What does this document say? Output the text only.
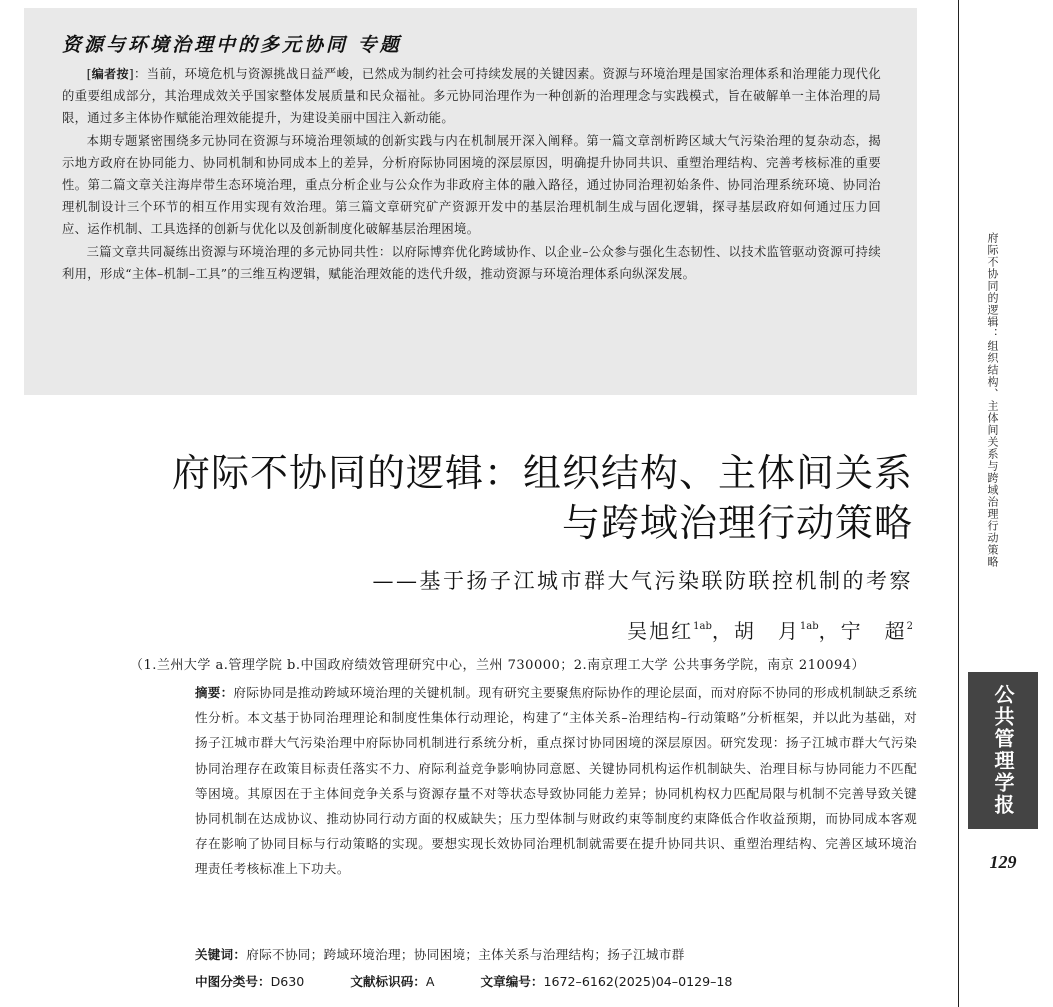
资源与环境治理中的多元协同 专题

[编者按]：当前，环境危机与资源挑战日益严峻，已然成为制约社会可持续发展的关键因素。资源与环境治理是国家治理体系和治理能力现代化的重要组成部分，其治理成效关乎国家整体发展质量和民众福祉。多元协同治理作为一种创新的治理理念与实践模式，旨在破解单一主体治理的局限，通过多主体协作赋能治理效能提升，为建设美丽中国注入新动能。

本期专题紧密围绕多元协同在资源与环境治理领域的创新实践与内在机制展开深入阐释。第一篇文章剖析跨区域大气污染治理的复杂动态，揭示地方政府在协同能力、协同机制和协同成本上的差异，分析府际协同困境的深层原因，明确提升协同共识、重塑治理结构、完善考核标准的重要性。第二篇文章关注海岸带生态环境治理，重点分析企业与公众作为非政府主体的融入路径，通过协同治理初始条件、协同治理系统环境、协同治理机制设计三个环节的相互作用实现有效治理。第三篇文章研究矿产资源开发中的基层治理机制生成与固化逻辑，探寻基层政府如何通过压力回应、运作机制、工具选择的创新与优化以及创新制度化破解基层治理困境。

三篇文章共同凝练出资源与环境治理的多元协同共性：以府际博弈优化跨域协作、以企业–公众参与强化生态韧性、以技术监管驱动资源可持续利用，形成“主体–机制–工具”的三维互构逻辑，赋能治理效能的迭代升级，推动资源与环境治理体系向纵深发展。

府际不协同的逻辑：组织结构、主体间关系
与跨域治理行动策略

——基于扬子江城市群大气污染联防联控机制的考察

吴旭红$^{1ab}$，胡　月$^{1ab}$，宁　超$^2$

（1.兰州大学 a.管理学院 b.中国政府绩效管理研究中心，兰州 730000；2.南京理工大学 公共事务学院，南京 210094）

摘要：府际协同是推动跨域环境治理的关键机制。现有研究主要聚焦府际协作的理论层面，而对府际不协同的形成机制缺乏系统性分析。本文基于协同治理理论和制度性集体行动理论，构建了“主体关系–治理结构–行动策略”分析框架，并以此为基础，对扬子江城市群大气污染治理中府际协同机制进行系统分析，重点探讨协同困境的深层原因。研究发现：扬子江城市群大气污染协同治理存在政策目标责任落实不力、府际利益竞争影响协同意愿、关键协同机构运作机制缺失、治理目标与协同能力不匹配等困境。其原因在于主体间竞争关系与资源存量不对等状态导致协同能力差异；协同机构权力匹配局限与机制不完善导致关键协同机制在达成协议、推动协同行动方面的权威缺失；压力型体制与财政约束等制度约束降低合作收益预期，而协同成本客观存在影响了协同目标与行动策略的实现。要想实现长效协同治理机制就需要在提升协同共识、重塑治理结构、完善区域环境治理责任考核标准上下功夫。

关键词：府际不协同；跨域环境治理；协同困境；主体关系与治理结构；扬子江城市群

中图分类号：D630	文献标识码：A	文章编号：1672–6162(2025)04–0129–18

府际不协同的逻辑：组织结构、主体间关系与跨域治理行动策略
公共管理学报
129
